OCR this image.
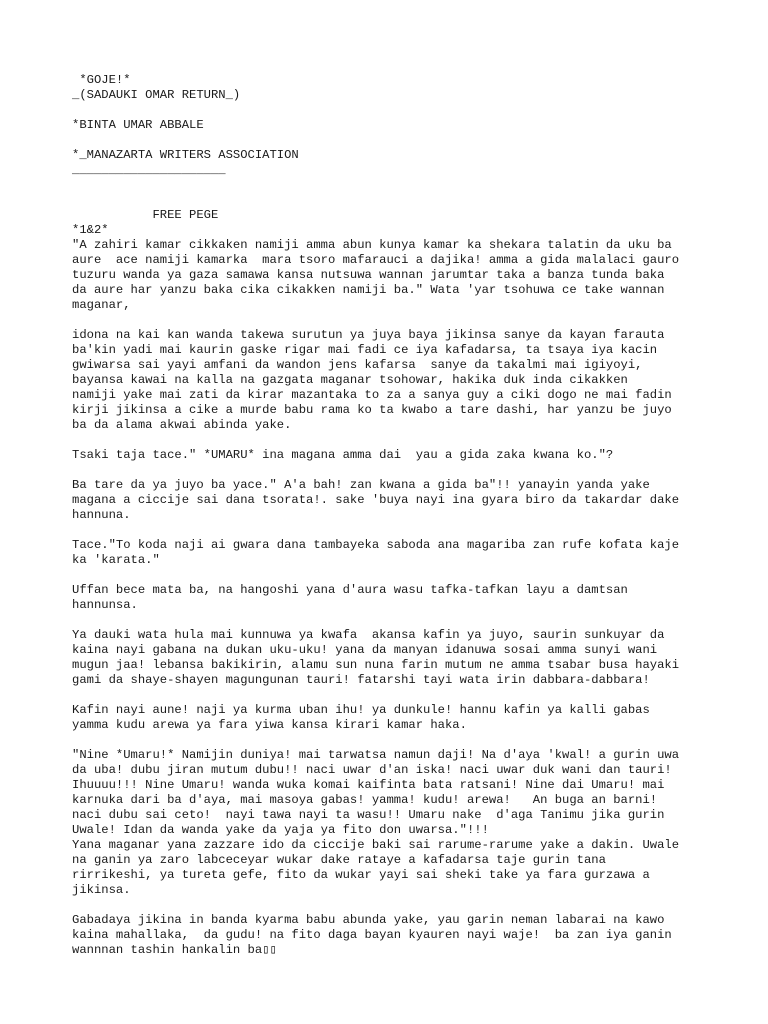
*GOJE!*
_(SADAUKI OMAR RETURN_)
*BINTA UMAR ABBALE
*_MANAZARTA WRITERS ASSOCIATION
_____________________
FREE PEGE
*1&2*
"A zahiri kamar cikkaken namiji amma abun kunya kamar ka shekara talatin da uku ba
aure  ace namiji kamarka  mara tsoro mafarauci a dajika! amma a gida malalaci gauro
tuzuru wanda ya gaza samawa kansa nutsuwa wannan jarumtar taka a banza tunda baka
da aure har yanzu baka cika cikakken namiji ba." Wata 'yar tsohuwa ce take wannan
maganar,
idona na kai kan wanda takewa surutun ya juya baya jikinsa sanye da kayan farauta
ba'kin yadi mai kaurin gaske rigar mai fadi ce iya kafadarsa, ta tsaya iya kacin
gwiwarsa sai yayi amfani da wandon jens kafarsa  sanye da takalmi mai igiyoyi,
bayansa kawai na kalla na gazgata maganar tsohowar, hakika duk inda cikakken
namiji yake mai zati da kirar mazantaka to za a sanya guy a ciki dogo ne mai fadin
kirji jikinsa a cike a murde babu rama ko ta kwabo a tare dashi, har yanzu be juyo
ba da alama akwai abinda yake.
Tsaki taja tace." *UMARU* ina magana amma dai  yau a gida zaka kwana ko."?
Ba tare da ya juyo ba yace." A'a bah! zan kwana a gida ba"!! yanayin yanda yake
magana a ciccije sai dana tsorata!. sake 'buya nayi ina gyara biro da takardar dake
hannuna.
Tace."To koda naji ai gwara dana tambayeka saboda ana magariba zan rufe kofata kaje
ka 'karata."
Uffan bece mata ba, na hangoshi yana d'aura wasu tafka-tafkan layu a damtsan
hannunsa.
Ya dauki wata hula mai kunnuwa ya kwafa  akansa kafin ya juyo, saurin sunkuyar da
kaina nayi gabana na dukan uku-uku! yana da manyan idanuwa sosai amma sunyi wani
mugun jaa! lebansa bakikirin, alamu sun nuna farin mutum ne amma tsabar busa hayaki
gami da shaye-shayen magungunan tauri! fatarshi tayi wata irin dabbara-dabbara!
Kafin nayi aune! naji ya kurma uban ihu! ya dunkule! hannu kafin ya kalli gabas
yamma kudu arewa ya fara yiwa kansa kirari kamar haka.
"Nine *Umaru!* Namijin duniya! mai tarwatsa namun daji! Na d'aya 'kwal! a gurin uwa
da uba! dubu jiran mutum dubu!! naci uwar d'an iska! naci uwar duk wani dan tauri!
Ihuuuu!!! Nine Umaru! wanda wuka komai kaifinta bata ratsani! Nine dai Umaru! mai
karnuka dari ba d'aya, mai masoya gabas! yamma! kudu! arewa!   An buga an barni!
naci dubu sai ceto!  nayi tawa nayi ta wasu!! Umaru nake  d'aga Tanimu jika gurin
Uwale! Idan da wanda yake da yaja ya fito don uwarsa."!!!
Yana maganar yana zazzare ido da ciccije baki sai rarume-rarume yake a dakin. Uwale
na ganin ya zaro labceceyar wukar dake rataye a kafadarsa taje gurin tana
rirrikeshi, ya tureta gefe, fito da wukar yayi sai sheki take ya fara gurzawa a
jikinsa.
Gabadaya jikina in banda kyarma babu abunda yake, yau garin neman labarai na kawo
kaina mahallaka,  da gudu! na fito daga bayan kyauren nayi waje!  ba zan iya ganin
wannnan tashin hankalin ba▯▯
